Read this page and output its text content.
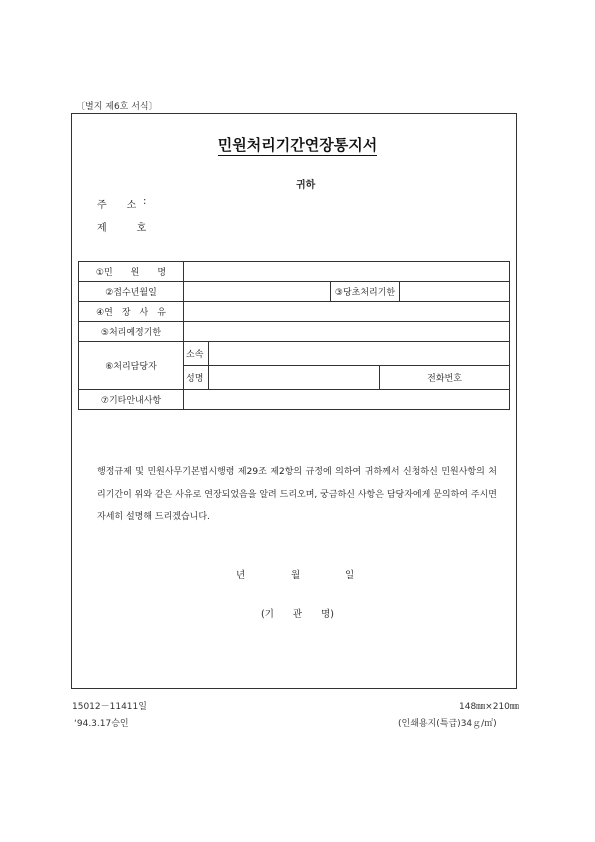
〔별지 제6호 서식〕
민원처리기간연장통지서
귀하
주　　소 :
제　　　호
①민　　원　　명					
②접수년월일			③당초처리기한		
④연　장　사　유					
⑤처리예정기한					
⑥처리담당자	소속				
	성명			전화번호
⑦기타안내사항					
행정규제 및 민원사무기본법시행령 제29조 제2항의 규정에 의하여 귀하께서 신청하신 민원사항의 처리기간이 위와 같은 사유로 연장되었음을 알려 드리오며, 궁금하신 사항은 담당자에게 문의하여 주시면 자세히 설명해 드리겠습니다.
년	월	일
(기　　관　　명)
15012－11411일	148㎜×210㎜
‘94.3.17승인	(인쇄용지(특급)34ｇ/㎡)
